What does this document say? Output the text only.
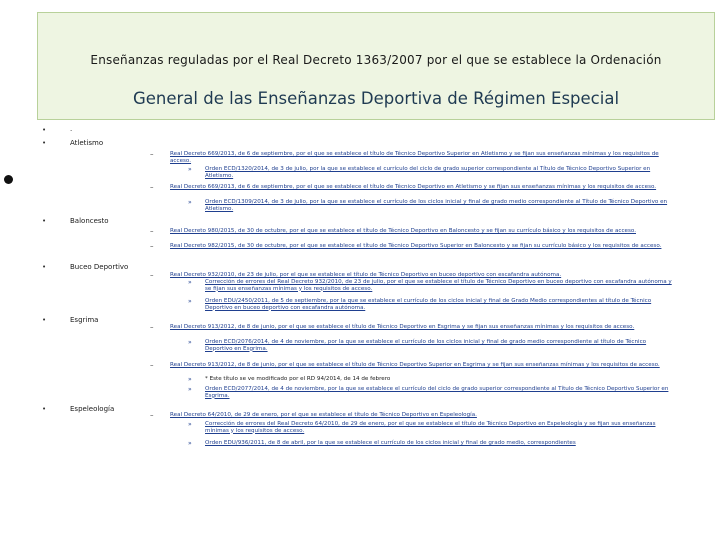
Enseñanzas reguladas por el Real Decreto 1363/2007 por el que se establece la Ordenación
General de las Enseñanzas Deportiva de Régimen Especial
•	.
•	Atletismo
•	Baloncesto
•	Buceo Deportivo
•	Esgrima
•	Espeleología
–	Real Decreto 669/2013, de 6 de septiembre, por el que se establece el título de Técnico Deportivo Superior en Atletismo y se fijan sus enseñanzas mínimas y los requisitos de acceso.
» Orden ECD/1320/2014, de 3 de julio, por la que se establece el currículo del ciclo de grado superior correspondiente al Título de Técnico Deportivo Superior en Atletismo.
–	Real Decreto 669/2013, de 6 de septiembre, por el que se establece el título de Técnico Deportivo en Atletismo y se fijan sus enseñanzas mínimas y los requisitos de acceso.
» Orden ECD/1309/2014, de 3 de julio, por la que se establece el currículo de los ciclos inicial y final de grado medio correspondiente al Título de Técnico Deportivo en Atletismo.
–	Real Decreto 980/2015, de 30 de octubre, por el que se establece el título de Técnico Deportivo en Baloncesto y se fijan su currículo básico y los requisitos de acceso.
–	Real Decreto 982/2015, de 30 de octubre, por el que se establece el título de Técnico Deportivo Superior en Baloncesto y se fijan su currículo básico y los requisitos de acceso.
–	Real Decreto 932/2010, de 23 de julio, por el que se establece el título de Técnico Deportivo en buceo deportivo con escafandra autónoma.
» Corrección de errores del Real Decreto 932/2010, de 23 de julio, por el que se establece el título de Técnico Deportivo en buceo deportivo con escafandra autónoma y se fijan sus enseñanzas mínimas y los requisitos de acceso.
» Orden EDU/2450/2011, de 5 de septiembre, por la que se establece el currículo de los ciclos inicial y final de Grado Medio correspondientes al título de Técnico Deportivo en buceo deportivo con escafandra autónoma.
–	Real Decreto 913/2012, de 8 de junio, por el que se establece el título de Técnico Deportivo en Esgrima y se fijan sus enseñanzas mínimas y los requisitos de acceso.
» Orden ECD/2076/2014, de 4 de noviembre, por la que se establece el currículo de los ciclos inicial y final de grado medio correspondiente al título de Técnico Deportivo en Esgrima.
–	Real Decreto 913/2012, de 8 de junio, por el que se establece el título de Técnico Deportivo Superior en Esgrima y se fijan sus enseñanzas mínimas y los requisitos de acceso.
» * Este título se ve modificado por el RD 94/2014, de 14 de febrero
» Orden ECD/2077/2014, de 4 de noviembre, por la que se establece el currículo del ciclo de grado superior correspondiente al Título de Técnico Deportivo Superior en Esgrima.
–	Real Decreto 64/2010, de 29 de enero, por el que se establece el título de Técnico Deportivo en Espeleología.
» Corrección de errores del Real Decreto 64/2010, de 29 de enero, por el que se establece el título de Técnico Deportivo en Espeleología y se fijan sus enseñanzas mínimas y los requisitos de acceso.
» Orden EDU/936/2011, de 8 de abril, por la que se establece el currículo de los ciclos inicial y final de grado medio, correspondientes
